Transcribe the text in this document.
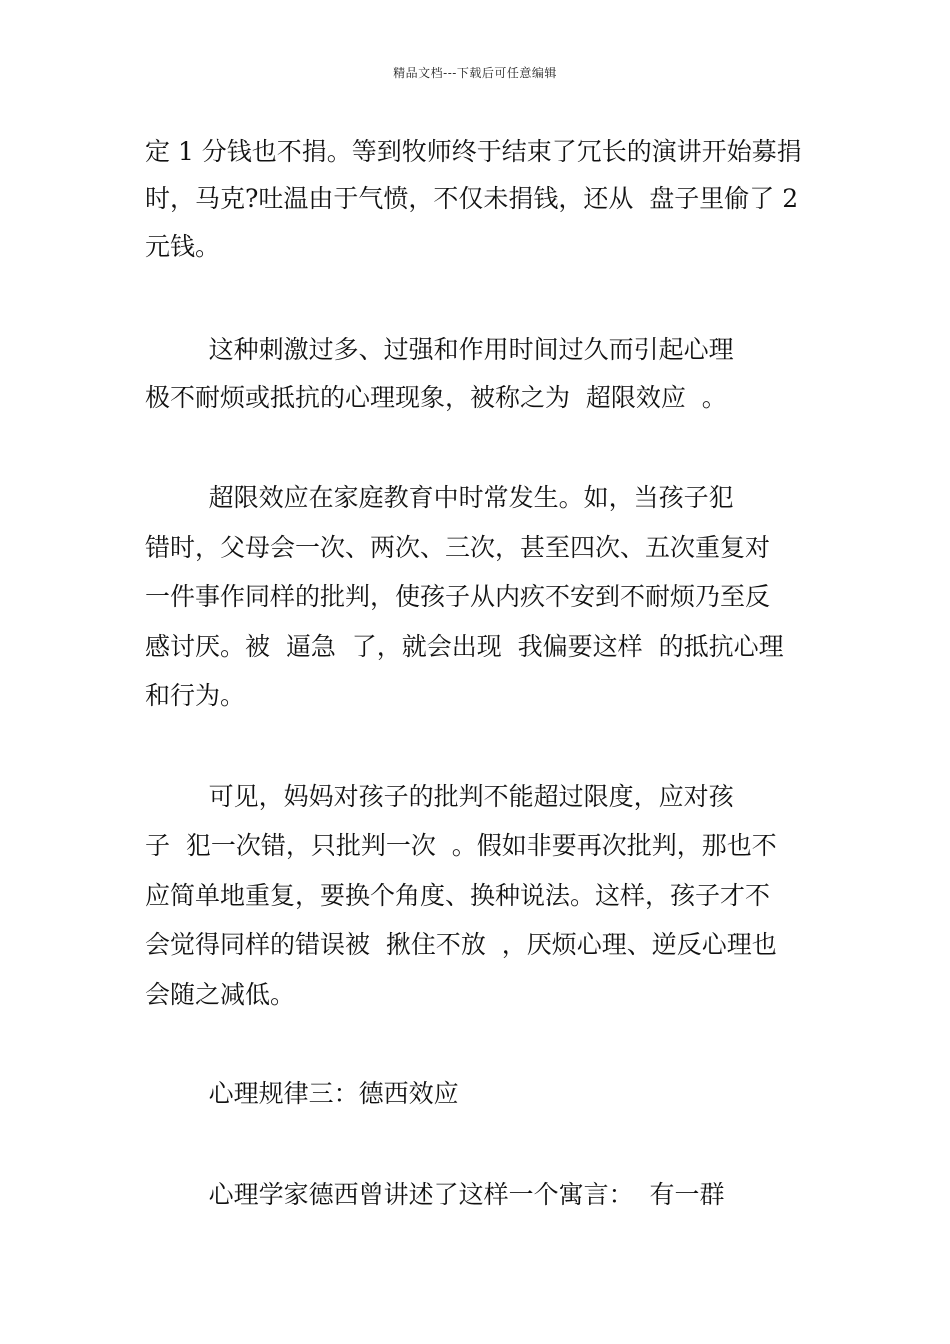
精品文档---下载后可任意编辑
定 1 分钱也不捐。等到牧师终于结束了冗长的演讲开始募捐
时，马克?吐温由于气愤，不仅未捐钱，还从  盘子里偷了 2
元钱。
这种刺激过多、过强和作用时间过久而引起心理
极不耐烦或抵抗的心理现象，被称之为  超限效应  。
超限效应在家庭教育中时常发生。如，当孩子犯
错时，父母会一次、两次、三次，甚至四次、五次重复对
一件事作同样的批判，使孩子从内疚不安到不耐烦乃至反
感讨厌。被  逼急  了，就会出现  我偏要这样  的抵抗心理
和行为。
可见，妈妈对孩子的批判不能超过限度，应对孩
子  犯一次错，只批判一次  。假如非要再次批判，那也不
应简单地重复，要换个角度、换种说法。这样，孩子才不
会觉得同样的错误被  揪住不放  ，厌烦心理、逆反心理也
会随之减低。
心理规律三：德西效应
心理学家德西曾讲述了这样一个寓言：  有一群
